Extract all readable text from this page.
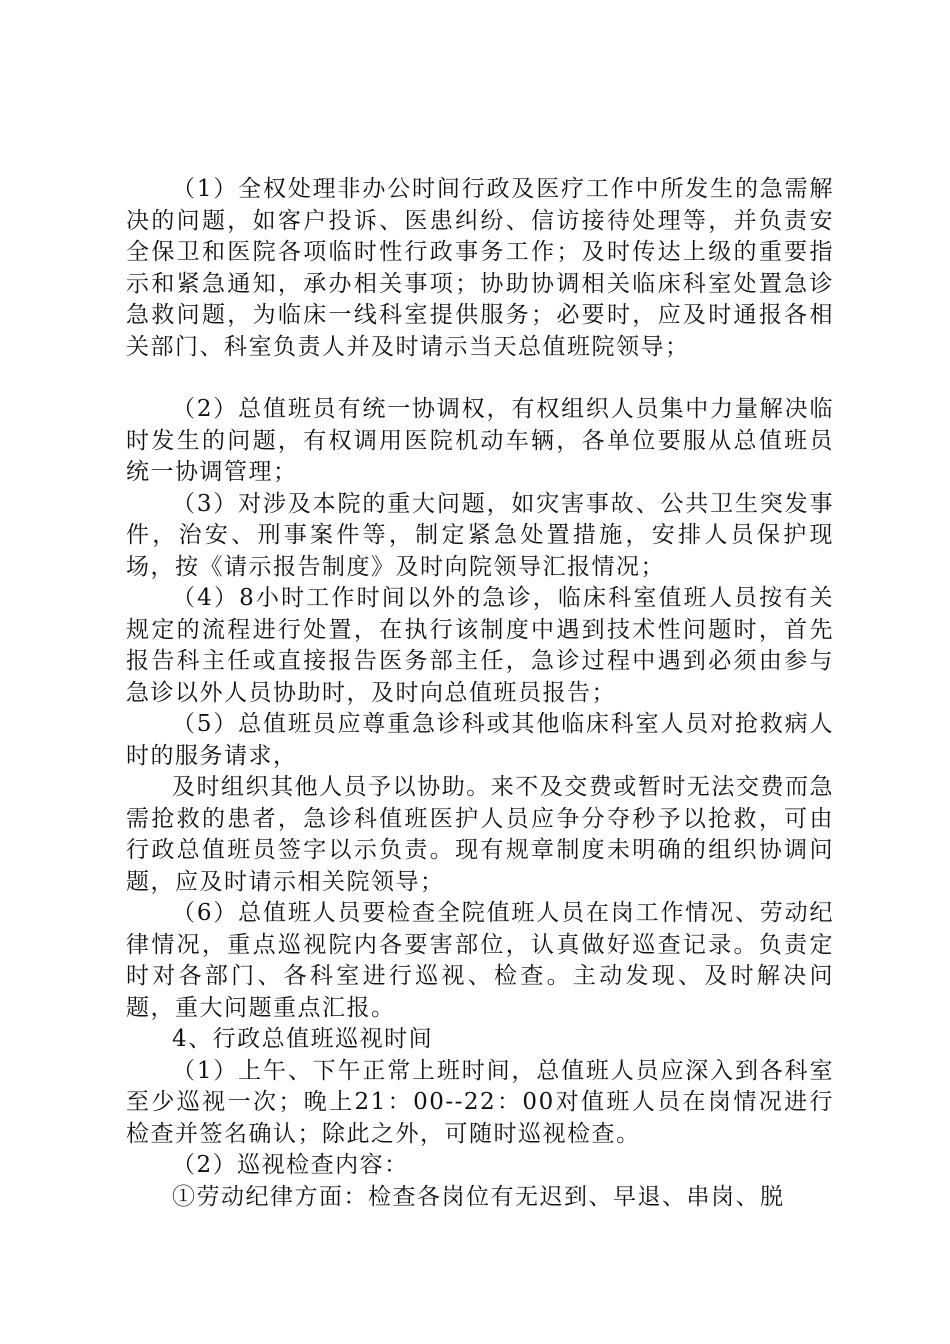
（1）全权处理非办公时间行政及医疗工作中所发生的急需解决的问题，如客户投诉、医患纠纷、信访接待处理等，并负责安全保卫和医院各项临时性行政事务工作；及时传达上级的重要指示和紧急通知，承办相关事项；协助协调相关临床科室处置急诊急救问题，为临床一线科室提供服务；必要时，应及时通报各相关部门、科室负责人并及时请示当天总值班院领导；

（2）总值班员有统一协调权，有权组织人员集中力量解决临时发生的问题，有权调用医院机动车辆，各单位要服从总值班员统一协调管理；

（3）对涉及本院的重大问题，如灾害事故、公共卫生突发事件，治安、刑事案件等，制定紧急处置措施，安排人员保护现场，按《请示报告制度》及时向院领导汇报情况；

（4）8小时工作时间以外的急诊，临床科室值班人员按有关规定的流程进行处置，在执行该制度中遇到技术性问题时，首先报告科主任或直接报告医务部主任，急诊过程中遇到必须由参与急诊以外人员协助时，及时向总值班员报告；

（5）总值班员应尊重急诊科或其他临床科室人员对抢救病人时的服务请求，

及时组织其他人员予以协助。来不及交费或暂时无法交费而急需抢救的患者，急诊科值班医护人员应争分夺秒予以抢救，可由行政总值班员签字以示负责。现有规章制度未明确的组织协调问题，应及时请示相关院领导；

（6）总值班人员要检查全院值班人员在岗工作情况、劳动纪律情况，重点巡视院内各要害部位，认真做好巡查记录。负责定时对各部门、各科室进行巡视、检查。主动发现、及时解决问题，重大问题重点汇报。

4、行政总值班巡视时间

（1）上午、下午正常上班时间，总值班人员应深入到各科室至少巡视一次；晚上21：00--22：00对值班人员在岗情况进行检查并签名确认；除此之外，可随时巡视检查。

（2）巡视检查内容：

①劳动纪律方面：检查各岗位有无迟到、早退、串岗、脱
